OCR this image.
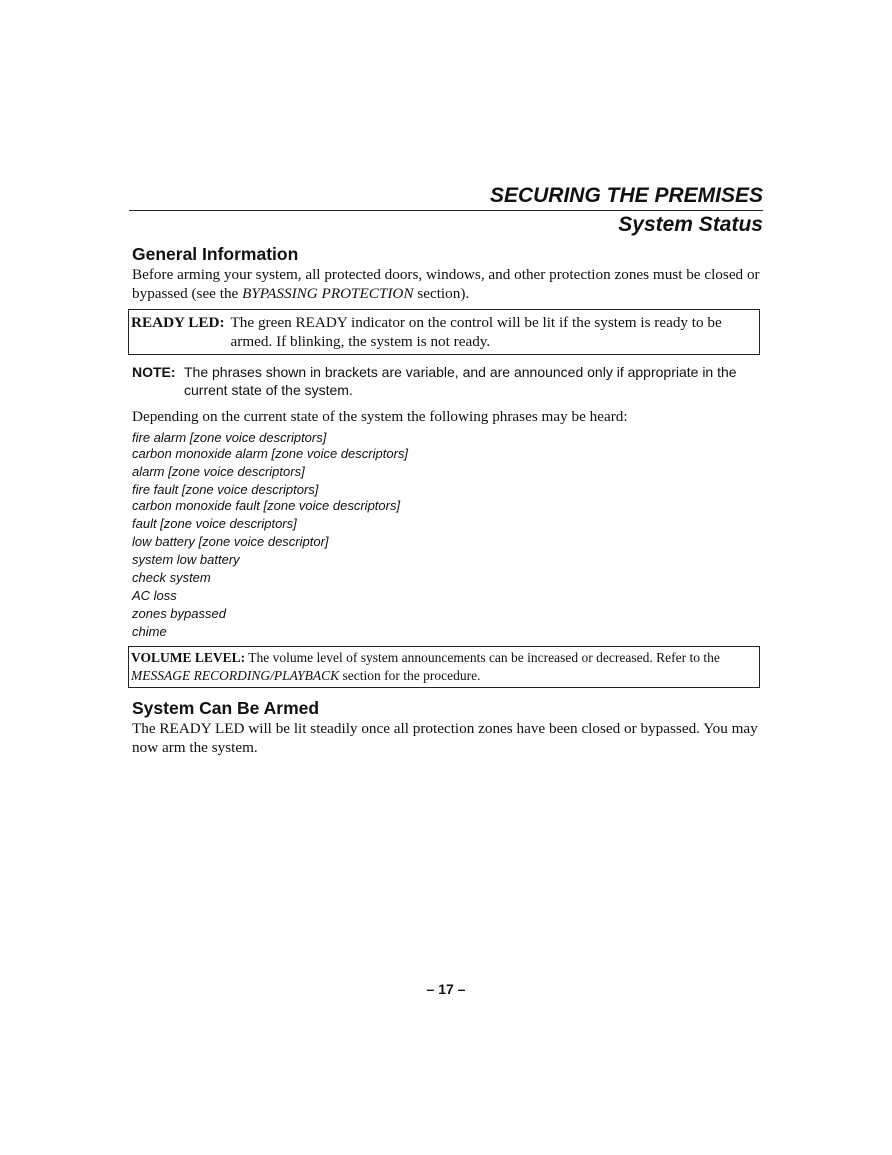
SECURING THE PREMISES
System Status
General Information

Before arming your system, all protected doors, windows, and other protection zones must be closed or bypassed (see the BYPASSING PROTECTION section).

READY LED: The green READY indicator on the control will be lit if the system is ready to be armed. If blinking, the system is not ready.
NOTE: The phrases shown in brackets are variable, and are announced only if appropriate in the current state of the system.

Depending on the current state of the system the following phrases may be heard:

fire alarm [zone voice descriptors]
carbon monoxide alarm [zone voice descriptors]
alarm [zone voice descriptors]
fire fault [zone voice descriptors]
carbon monoxide fault [zone voice descriptors]
fault [zone voice descriptors]
low battery [zone voice descriptor]
system low battery
check system
AC loss
zones bypassed
chime
VOLUME LEVEL: The volume level of system announcements can be increased or decreased. Refer to the MESSAGE RECORDING/PLAYBACK section for the procedure.
System Can Be Armed

The READY LED will be lit steadily once all protection zones have been closed or bypassed. You may now arm the system.

– 17 –
